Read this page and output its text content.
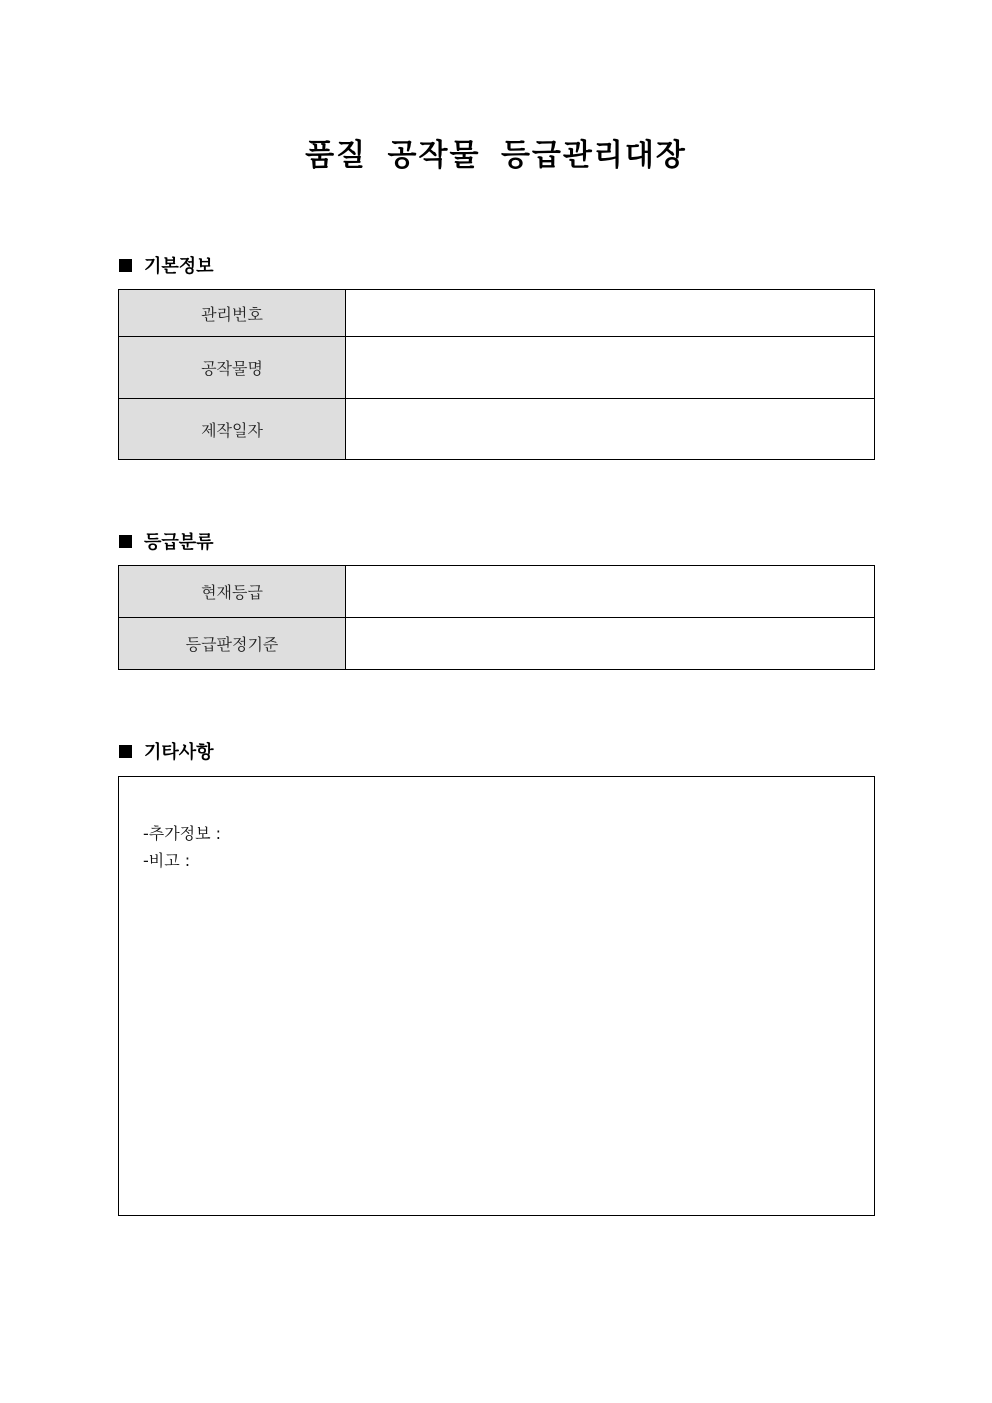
품질 공작물 등급관리대장
기본정보
관리번호	
공작물명	
제작일자	
등급분류
현재등급	
등급판정기준	
기타사항
-추가정보 :
-비고 :
